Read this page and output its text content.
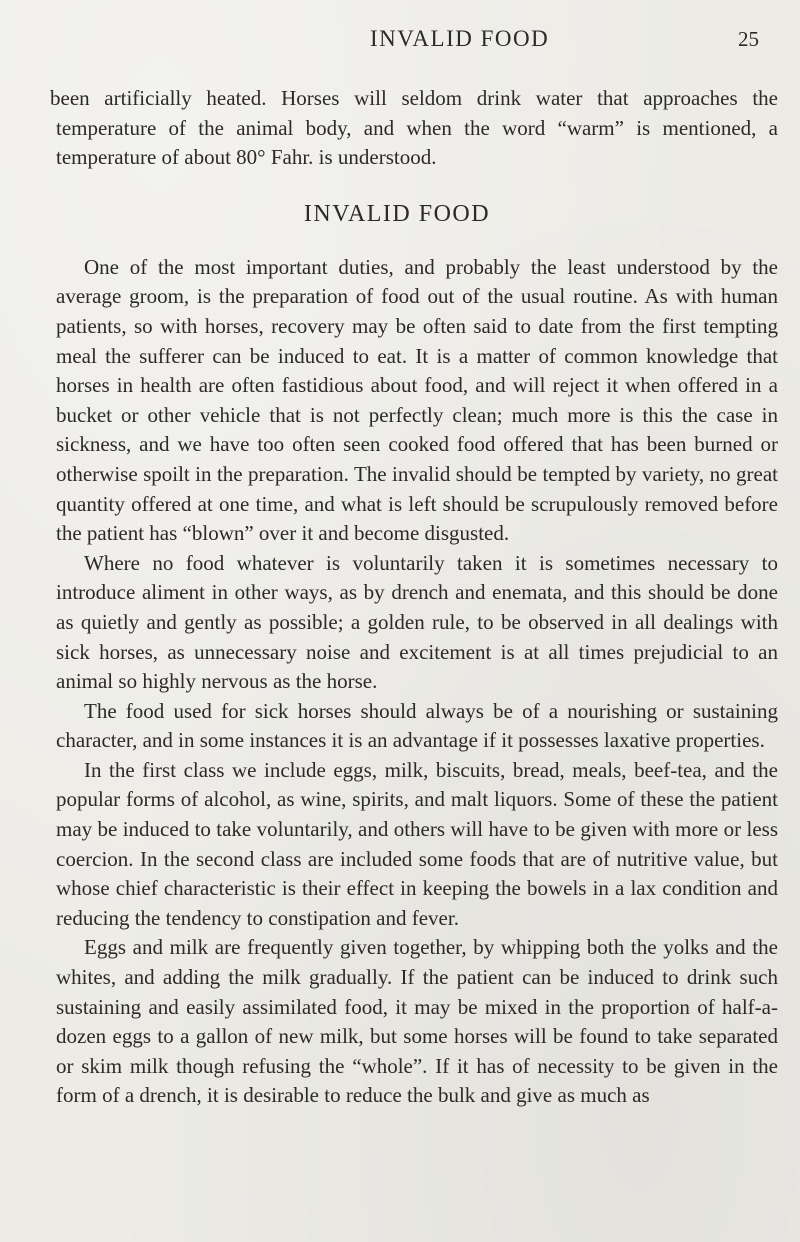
INVALID FOOD	25

been artificially heated. Horses will seldom drink water that approaches the temperature of the animal body, and when the word “warm” is mentioned, a temperature of about 80° Fahr. is understood.

INVALID FOOD

One of the most important duties, and probably the least understood by the average groom, is the preparation of food out of the usual routine. As with human patients, so with horses, recovery may be often said to date from the first tempting meal the sufferer can be induced to eat. It is a matter of common knowledge that horses in health are often fastidious about food, and will reject it when offered in a bucket or other vehicle that is not perfectly clean; much more is this the case in sickness, and we have too often seen cooked food offered that has been burned or otherwise spoilt in the preparation. The invalid should be tempted by variety, no great quantity offered at one time, and what is left should be scrupulously removed before the patient has “blown” over it and become disgusted.

Where no food whatever is voluntarily taken it is sometimes necessary to introduce aliment in other ways, as by drench and enemata, and this should be done as quietly and gently as possible; a golden rule, to be observed in all dealings with sick horses, as unnecessary noise and excitement is at all times prejudicial to an animal so highly nervous as the horse.

The food used for sick horses should always be of a nourishing or sustaining character, and in some instances it is an advantage if it possesses laxative properties.

In the first class we include eggs, milk, biscuits, bread, meals, beef-tea, and the popular forms of alcohol, as wine, spirits, and malt liquors. Some of these the patient may be induced to take voluntarily, and others will have to be given with more or less coercion. In the second class are included some foods that are of nutritive value, but whose chief characteristic is their effect in keeping the bowels in a lax condition and reducing the tendency to constipation and fever.

Eggs and milk are frequently given together, by whipping both the yolks and the whites, and adding the milk gradually. If the patient can be induced to drink such sustaining and easily assimilated food, it may be mixed in the proportion of half-a-dozen eggs to a gallon of new milk, but some horses will be found to take separated or skim milk though refusing the “whole”. If it has of necessity to be given in the form of a drench, it is desirable to reduce the bulk and give as much as
